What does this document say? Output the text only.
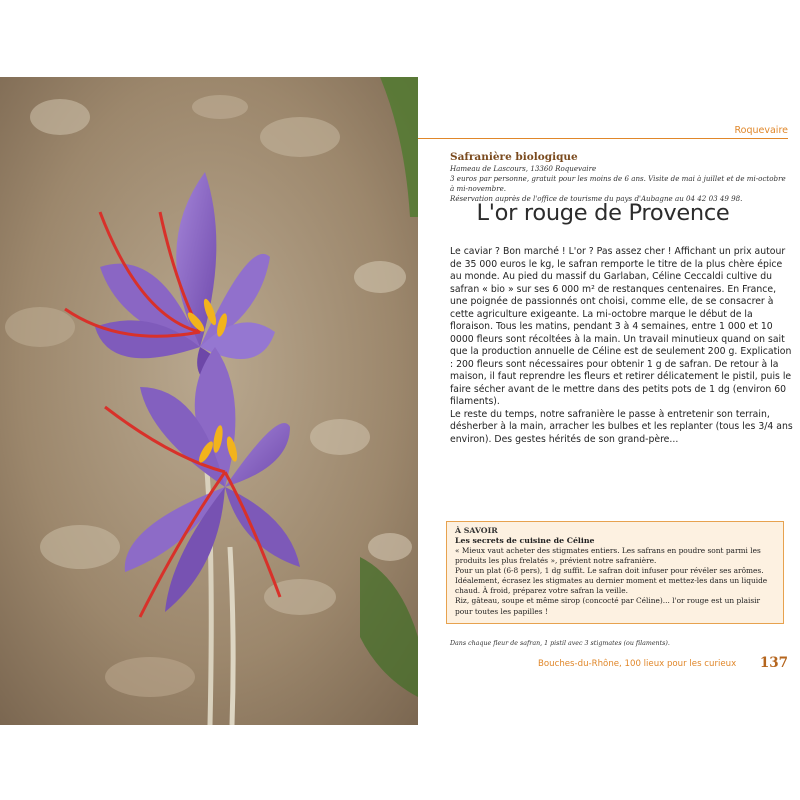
Roquevaire
Safranière biologique
Hameau de Lascours, 13360 Roquevaire
3 euros par personne, gratuit pour les moins de 6 ans. Visite de mai à juillet et de mi-octobre à mi-novembre.
Réservation auprès de l'office de tourisme du pays d'Aubagne au 04 42 03 49 98.
L'or rouge de Provence

Le caviar ? Bon marché ! L'or ? Pas assez cher ! Affichant un prix autour de 35 000 euros le kg, le safran remporte le titre de la plus chère épice au monde. Au pied du massif du Garlaban, Céline Ceccaldi cultive du safran « bio » sur ses 6 000 m² de restanques centenaires. En France, une poignée de passionnés ont choisi, comme elle, de se consacrer à cette agriculture exigeante. La mi-octobre marque le début de la floraison. Tous les matins, pendant 3 à 4 semaines, entre 1 000 et 10 0000 fleurs sont récoltées à la main. Un travail minutieux quand on sait que la production annuelle de Céline est de seulement 200 g. Explication : 200 fleurs sont nécessaires pour obtenir 1 g de safran. De retour à la maison, il faut reprendre les fleurs et retirer délicatement le pistil, puis le faire sécher avant de le mettre dans des petits pots de 1 dg (environ 60 filaments).

Le reste du temps, notre safranière le passe à entretenir son terrain, désherber à la main, arracher les bulbes et les replanter (tous les 3/4 ans environ). Des gestes hérités de son grand-père...

À SAVOIR
Les secrets de cuisine de Céline

« Mieux vaut acheter des stigmates entiers. Les safrans en poudre sont parmi les produits les plus frelatés », prévient notre safranière.

Pour un plat (6-8 pers), 1 dg suffit. Le safran doit infuser pour révéler ses arômes. Idéalement, écrasez les stigmates au dernier moment et mettez-les dans un liquide chaud. À froid, préparez votre safran la veille.

Riz, gâteau, soupe et même sirop (concocté par Céline)... l'or rouge est un plaisir pour toutes les papilles !

Dans chaque fleur de safran, 1 pistil avec 3 stigmates (ou filaments).
Bouches-du-Rhône, 100 lieux pour les curieux 137
